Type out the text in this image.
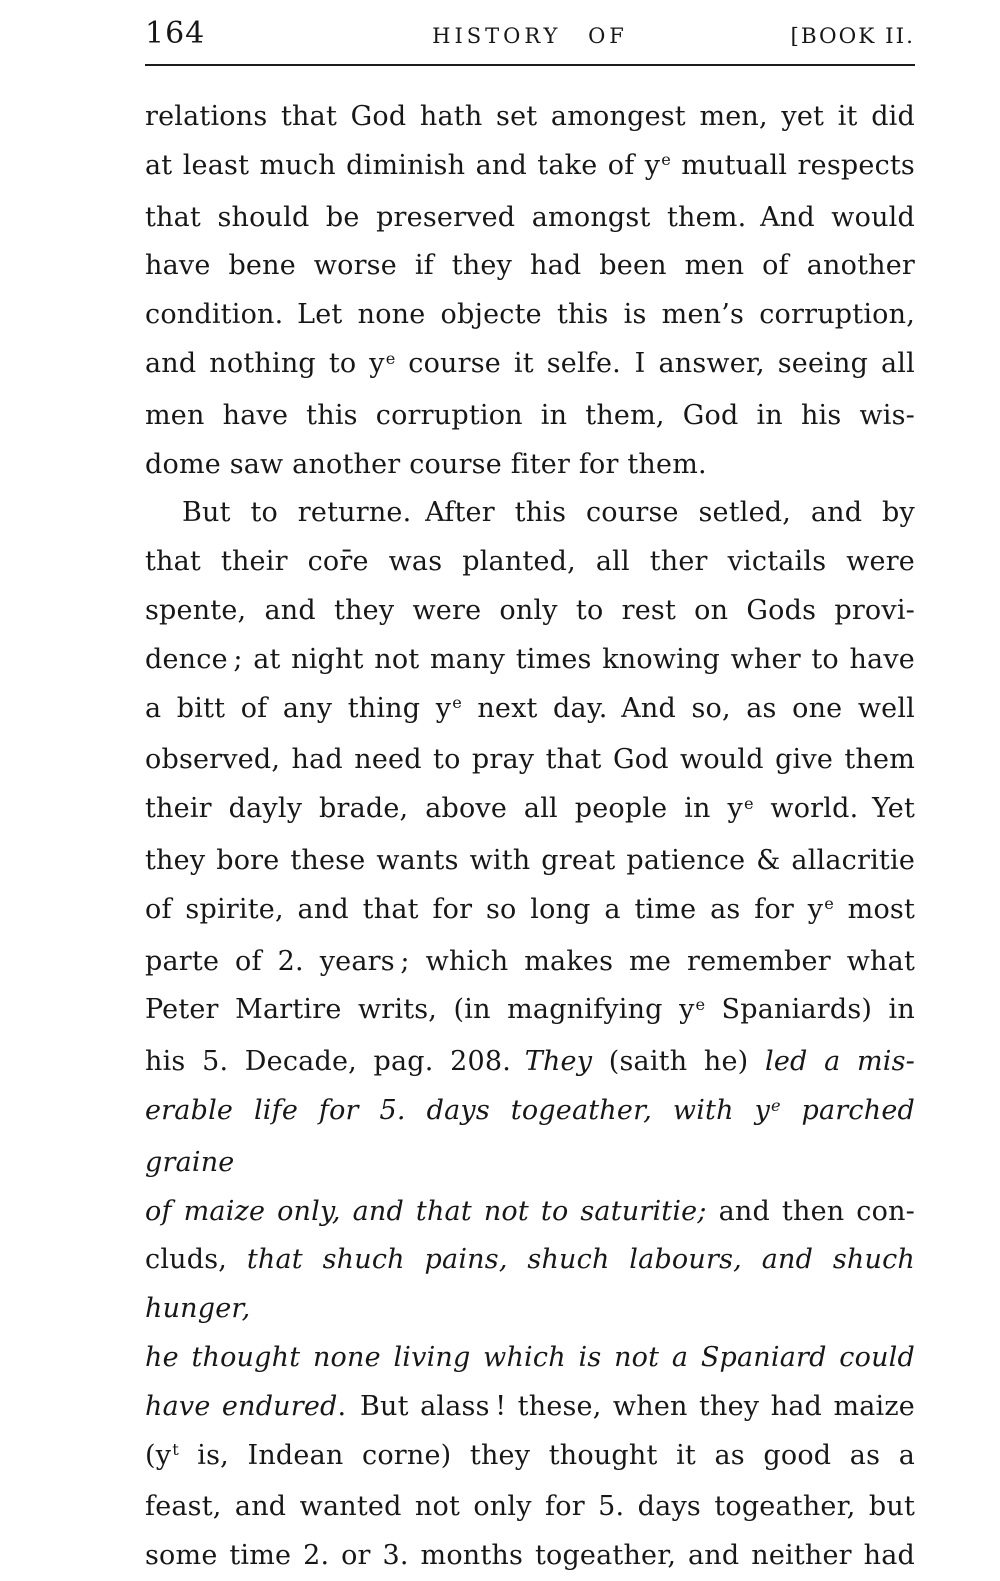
164	HISTORY OF	[BOOK II.
relations that God hath set amongest men, yet it did
at least much diminish and take of $y^e$ mutuall respects
that should be preserved amongst them. And would
have bene worse if they had been men of another
condition. Let none objecte this is men’s corruption,
and nothing to $y^e$ course it selfe. I answer, seeing all
men have this corruption in them, God in his wis-
dome saw another course fiter for them.
But to returne. After this course setled, and by
that their cor̄e was planted, all ther victails were
spente, and they were only to rest on Gods provi-
dence ; at night not many times knowing wher to have
a bitt of any thing $y^e$ next day. And so, as one well
observed, had need to pray that God would give them
their dayly brade, above all people in $y^e$ world. Yet
they bore these wants with great patience & allacritie
of spirite, and that for so long a time as for $y^e$ most
parte of 2. years ; which makes me remember what
Peter Martire writs, (in magnifying $y^e$ Spaniards) in
his 5. Decade, pag. 208. They (saith he) led a mis-
erable life for 5. days togeather, with $y^e$ parched graine
of maize only, and that not to saturitie; and then con-
cluds, that shuch pains, shuch labours, and shuch hunger,
he thought none living which is not a Spaniard could
have endured. But alass ! these, when they had maize
($y^t$ is, Indean corne) they thought it as good as a
feast, and wanted not only for 5. days togeather, but
some time 2. or 3. months togeather, and neither had
